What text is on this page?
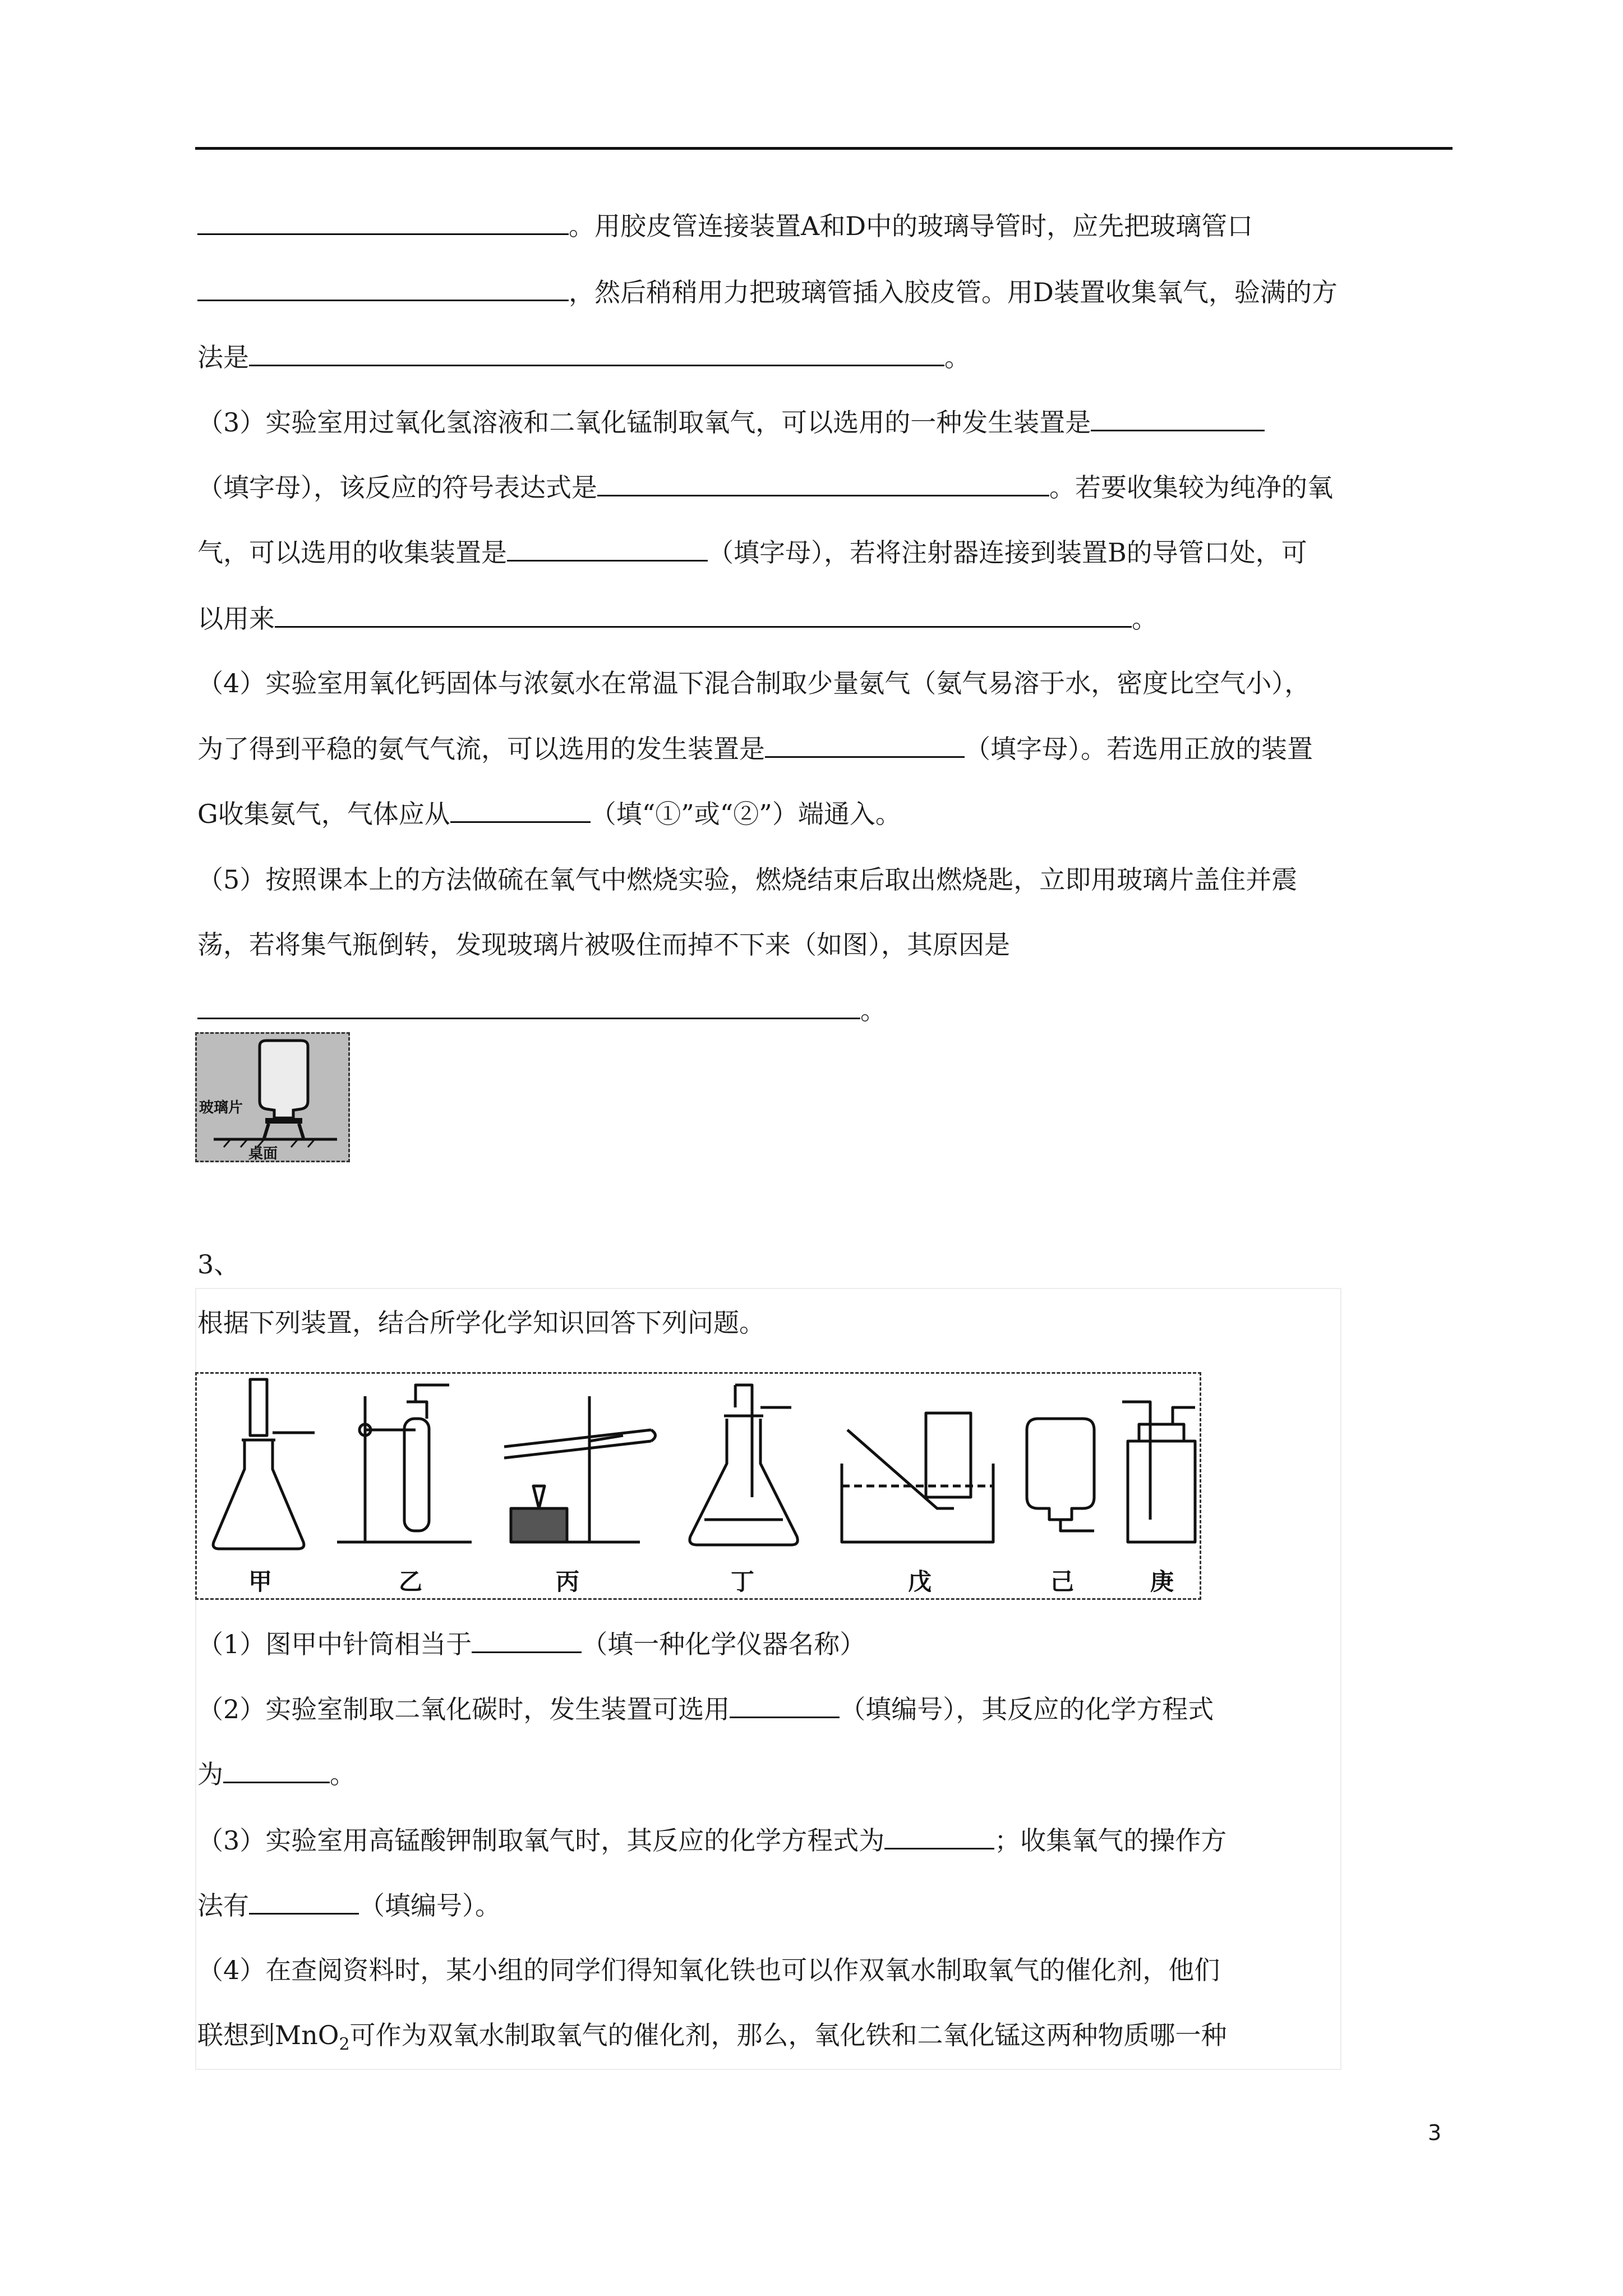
。用胶皮管连接装置A和D中的玻璃导管时，应先把玻璃管口
，然后稍稍用力把玻璃管插入胶皮管。用D装置收集氧气，验满的方
法是	。
（3）实验室用过氧化氢溶液和二氧化锰制取氧气，可以选用的一种发生装置是
（填字母），该反应的符号表达式是	。若要收集较为纯净的氧
气，可以选用的收集装置是	（填字母），若将注射器连接到装置B的导管口处，可
以用来	。
（4）实验室用氧化钙固体与浓氨水在常温下混合制取少量氨气（氨气易溶于水，密度比空气小），
为了得到平稳的氨气气流，可以选用的发生装置是	（填字母）。若选用正放的装置
G收集氨气，气体应从	（填“①”或“②”）端通入。
（5）按照课本上的方法做硫在氧气中燃烧实验，燃烧结束后取出燃烧匙，立即用玻璃片盖住并震
荡，若将集气瓶倒转，发现玻璃片被吸住而掉不下来（如图），其原因是
。
玻璃片
桌面
3、
根据下列装置，结合所学化学知识回答下列问题。
甲	乙	丙	丁	戊	己	庚
（1）图甲中针筒相当于	（填一种化学仪器名称）
（2）实验室制取二氧化碳时，发生装置可选用	（填编号），其反应的化学方程式
为	。
（3）实验室用高锰酸钾制取氧气时，其反应的化学方程式为	；收集氧气的操作方
法有	（填编号）。
（4）在查阅资料时，某小组的同学们得知氧化铁也可以作双氧水制取氧气的催化剂，他们
联想到MnO$_2$可作为双氧水制取氧气的催化剂，那么，氧化铁和二氧化锰这两种物质哪一种
3
